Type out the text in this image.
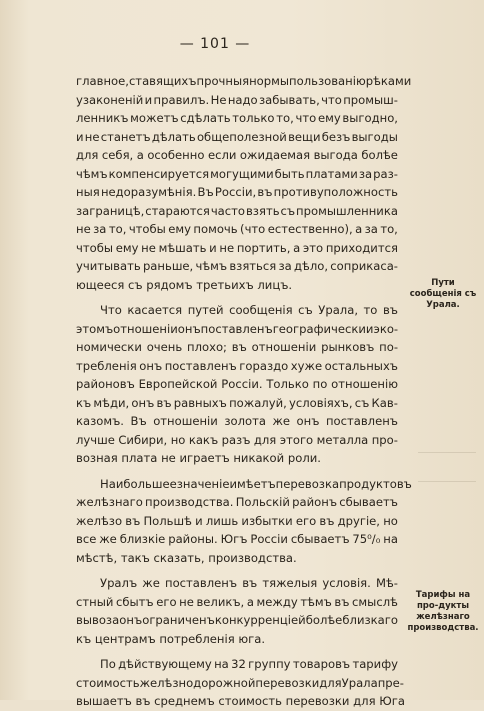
— 101 —
главное, ставящихъ прочныя нормы пользованію рѣками
узаконеній и правилъ. Не надо забывать, что промыш-
ленникъ можетъ сдѣлать только то, что ему выгодно,
и не станетъ дѣлать общеполезной вещи безъ выгоды
для себя, а особенно если ожидаемая выгода болѣе
чѣмъ компенсируется могущими быть платами за раз-
ныя недоразумѣнія. Въ Россіи, въ противуположность
заграницѣ, стараются часто взять съ промышленника
не за то, чтобы ему помочь (что естественно), а за то,
чтобы ему не мѣшать и не портить, а это приходится
учитывать раньше, чѣмъ взяться за дѣло, соприкаса-
ющееся съ рядомъ третьихъ лицъ.
Что касается путей сообщенія съ Урала, то въ
этомъ отношеніи онъ поставленъ географически и эко-
номически очень плохо; въ отношеніи рынковъ по-
требленія онъ поставленъ гораздо хуже остальныхъ
районовъ Европейской Россіи. Только по отношенію
къ мѣди, онъ въ равныхъ пожалуй, условіяхъ, съ Кав-
казомъ. Въ отношеніи золота же онъ поставленъ
лучше Сибири, но какъ разъ для этого металла про-
возная плата не играетъ никакой роли.
Наибольшее значеніе имѣетъ перевозка продуктовъ
желѣзнаго производства. Польскій районъ сбываетъ
желѣзо въ Польшѣ и лишь избытки его въ другіе, но
все же близкіе районы. Югъ Россіи сбываетъ 75⁰/₀ на
мѣстѣ, такъ сказать, производства.
Уралъ же поставленъ въ тяжелыя условія. Мѣ-
стный сбытъ его не великъ, а между тѣмъ въ смыслѣ
вывоза онъ ограниченъ конкурренціей болѣе близкаго
къ центрамъ потребленія юга.
По дѣйствующему на 32 группу товаровъ тарифу
стоимость желѣзнодорожной перевозки для Урала пре-
вышаетъ въ среднемъ стоимость перевозки для Юга
Пути сообщенія съ Урала.
Тарифы на про-дукты желѣзнаго производства.
